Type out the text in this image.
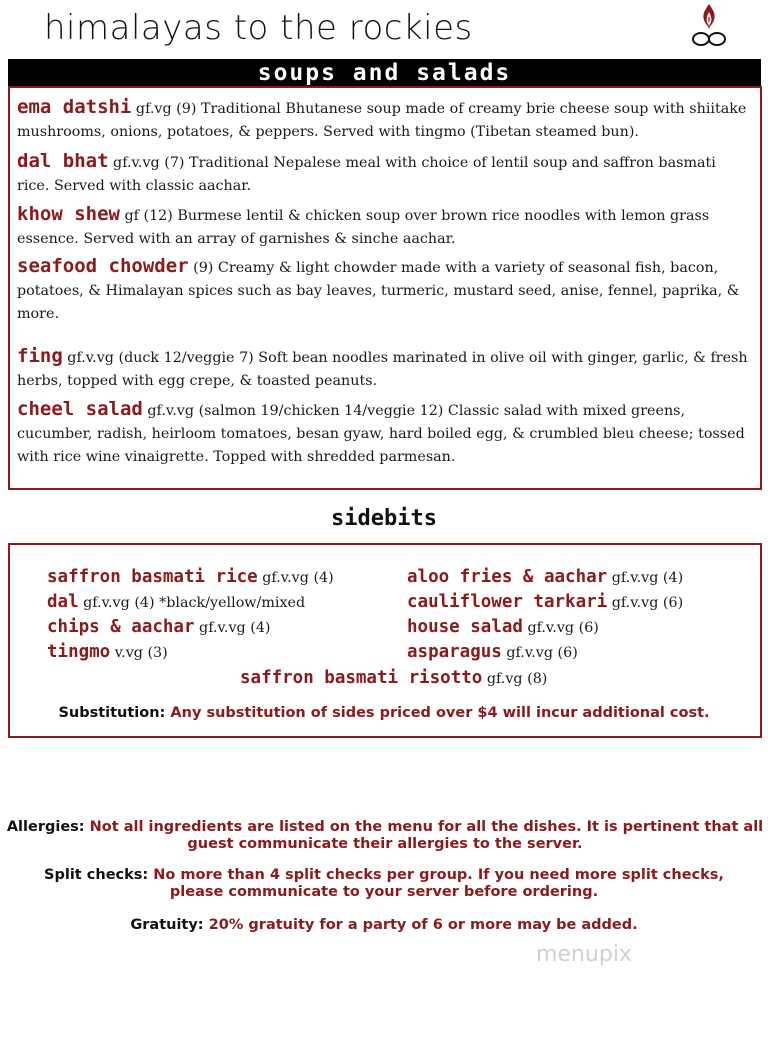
himalayas to the rockies
soups and salads
ema datshi gf.vg (9) Traditional Bhutanese soup made of creamy brie cheese soup with shiitake mushrooms, onions, potatoes, & peppers. Served with tingmo (Tibetan steamed bun).
dal bhat gf.v.vg (7) Traditional Nepalese meal with choice of lentil soup and saffron basmati rice. Served with classic aachar.
khow shew gf (12) Burmese lentil & chicken soup over brown rice noodles with lemon grass essence. Served with an array of garnishes & sinche aachar.
seafood chowder (9) Creamy & light chowder made with a variety of seasonal fish, bacon, potatoes, & Himalayan spices such as bay leaves, turmeric, mustard seed, anise, fennel, paprika, & more.
fing gf.v.vg (duck 12/veggie 7) Soft bean noodles marinated in olive oil with ginger, garlic, & fresh herbs, topped with egg crepe, & toasted peanuts.
cheel salad gf.v.vg (salmon 19/chicken 14/veggie 12) Classic salad with mixed greens, cucumber, radish, heirloom tomatoes, besan gyaw, hard boiled egg, & crumbled bleu cheese; tossed with rice wine vinaigrette. Topped with shredded parmesan.
sidebits
saffron basmati rice gf.v.vg (4)
dal gf.v.vg (4) *black/yellow/mixed
chips & aachar gf.v.vg (4)
tingmo v.vg (3)
aloo fries & aachar gf.v.vg (4)
cauliflower tarkari gf.v.vg (6)
house salad gf.v.vg (6)
asparagus gf.v.vg (6)
saffron basmati risotto gf.vg (8)
Substitution: Any substitution of sides priced over $4 will incur additional cost.
Allergies: Not all ingredients are listed on the menu for all the dishes. It is pertinent that all guest communicate their allergies to the server.
Split checks: No more than 4 split checks per group. If you need more split checks, please communicate to your server before ordering.
Gratuity: 20% gratuity for a party of 6 or more may be added.
menupix
